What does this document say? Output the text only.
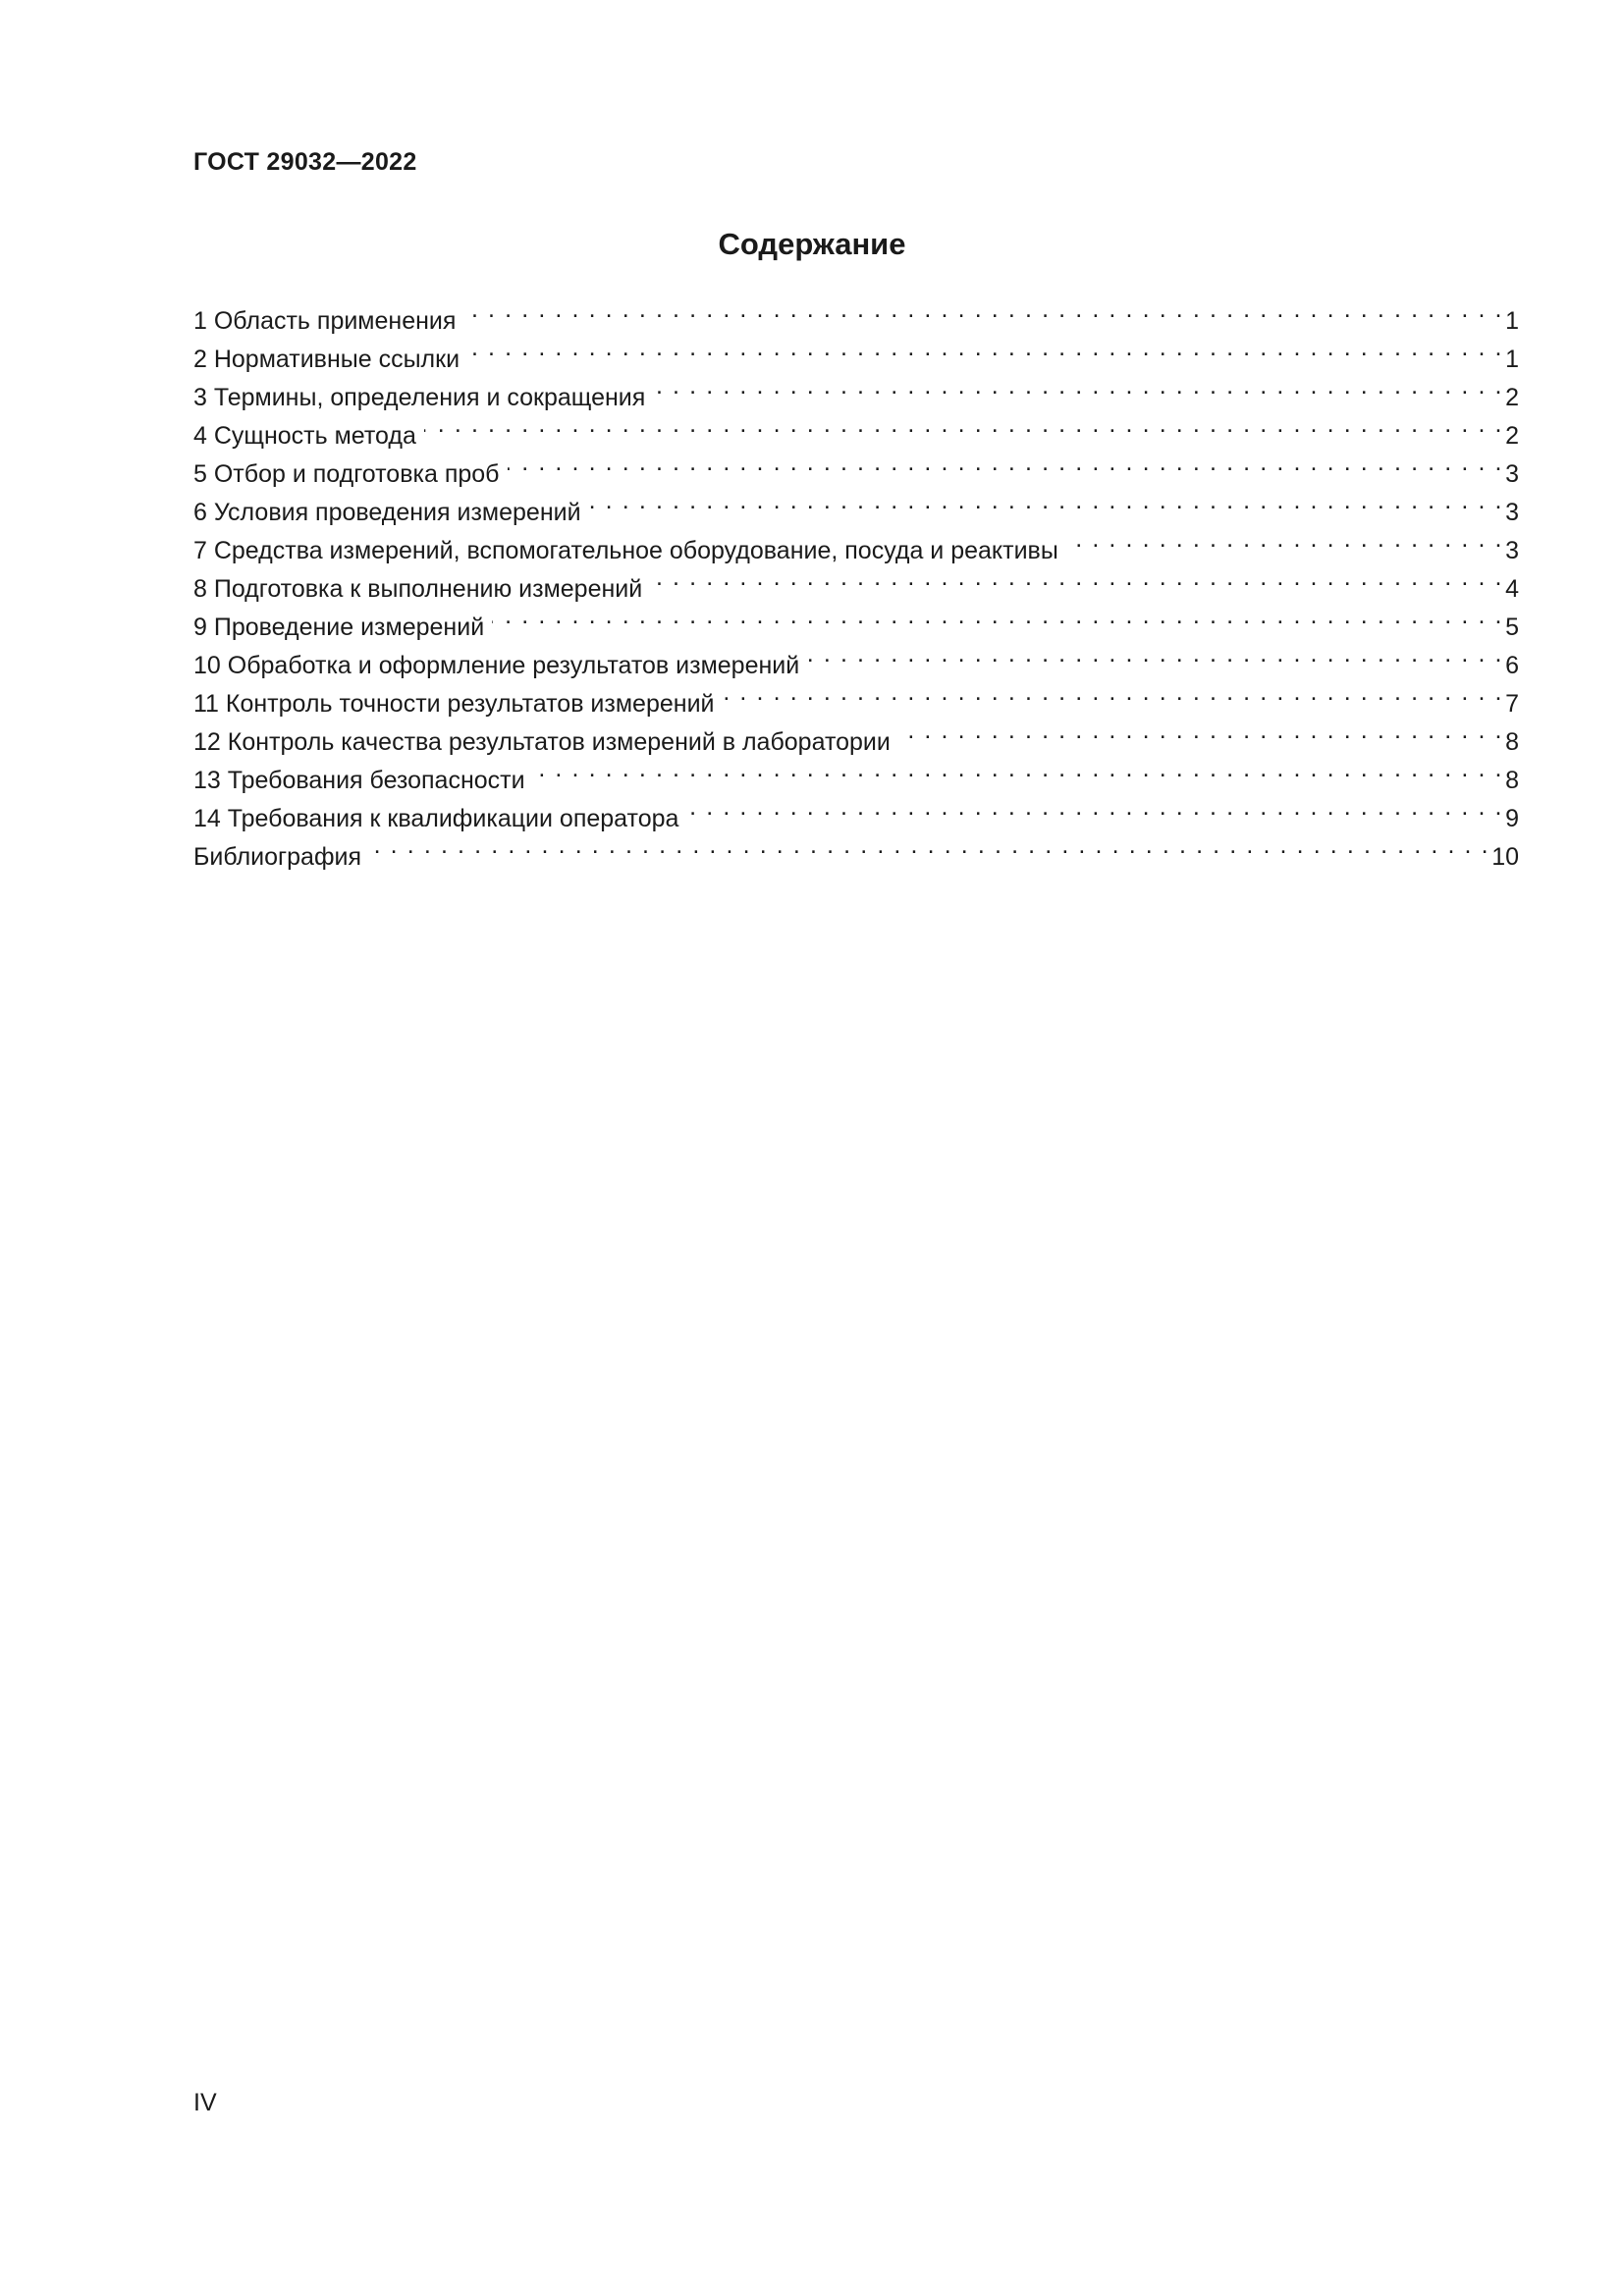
ГОСТ 29032—2022
Содержание
1 Область применения . . .	1
2 Нормативные ссылки . . .	1
3 Термины, определения и сокращения . . .	2
4 Сущность метода . . .	2
5 Отбор и подготовка проб . . .	3
6 Условия проведения измерений . . .	3
7 Средства измерений, вспомогательное оборудование, посуда и реактивы . . .	3
8 Подготовка к выполнению измерений . . .	4
9 Проведение измерений . . .	5
10 Обработка и оформление результатов измерений . . .	6
11 Контроль точности результатов измерений . . .	7
12 Контроль качества результатов измерений в лаборатории . . .	8
13 Требования безопасности . . .	8
14 Требования к квалификации оператора . . .	9
Библиография . . .	10
IV
